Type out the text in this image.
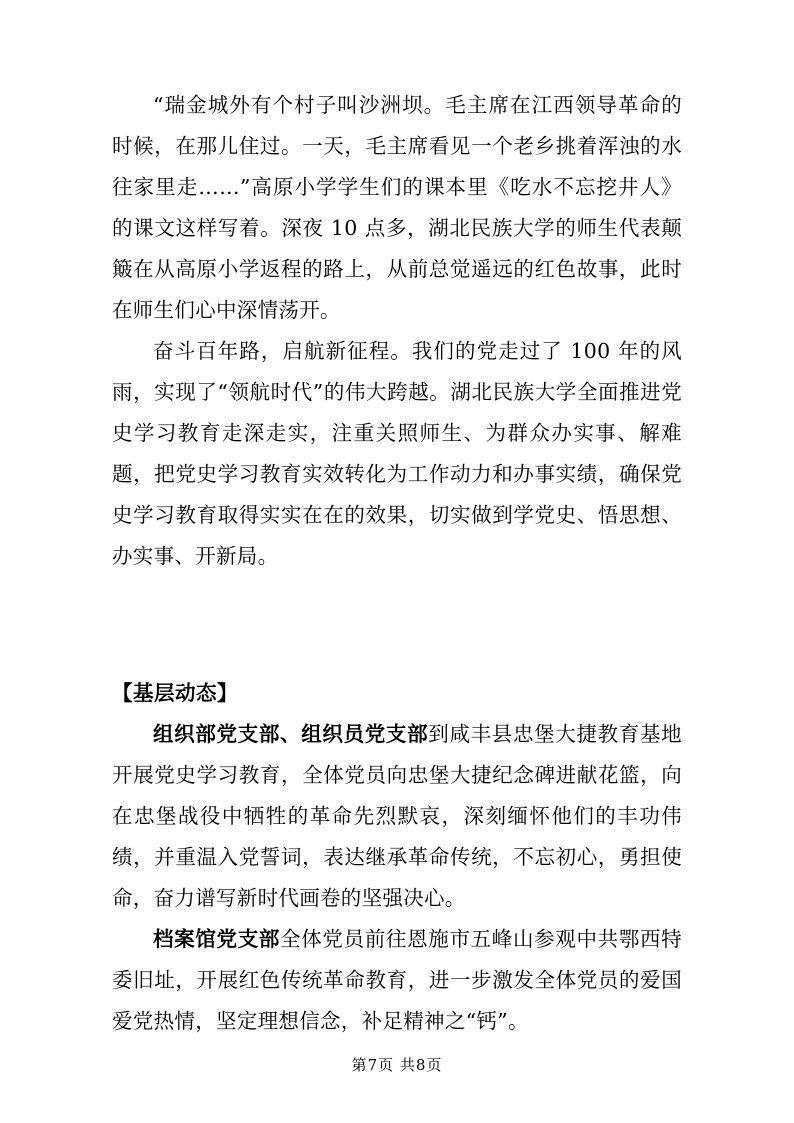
“瑞金城外有个村子叫沙洲坝。毛主席在江西领导革命的时候，在那儿住过。一天，毛主席看见一个老乡挑着浑浊的水往家里走……”高原小学学生们的课本里《吃水不忘挖井人》的课文这样写着。深夜 10 点多，湖北民族大学的师生代表颠簸在从高原小学返程的路上，从前总觉遥远的红色故事，此时在师生们心中深情荡开。

奋斗百年路，启航新征程。我们的党走过了 100 年的风雨，实现了“领航时代”的伟大跨越。湖北民族大学全面推进党史学习教育走深走实，注重关照师生、为群众办实事、解难题，把党史学习教育实效转化为工作动力和办事实绩，确保党史学习教育取得实实在在的效果，切实做到学党史、悟思想、办实事、开新局。

【基层动态】

组织部党支部、组织员党支部到咸丰县忠堡大捷教育基地开展党史学习教育，全体党员向忠堡大捷纪念碑进献花篮，向在忠堡战役中牺牲的革命先烈默哀，深刻缅怀他们的丰功伟绩，并重温入党誓词，表达继承革命传统，不忘初心，勇担使命，奋力谱写新时代画卷的坚强决心。

档案馆党支部全体党员前往恩施市五峰山参观中共鄂西特委旧址，开展红色传统革命教育，进一步激发全体党员的爱国爱党热情，坚定理想信念，补足精神之“钙”。

第7页 共8页
